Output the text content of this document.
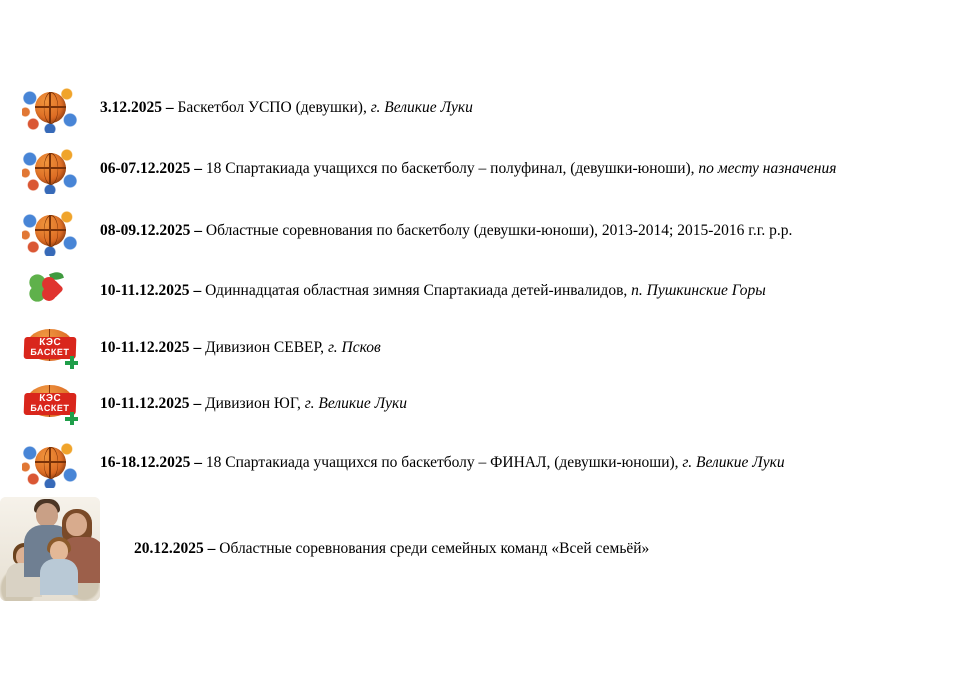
3.12.2025 – Баскетбол УСПО (девушки), г. Великие Луки
06-07.12.2025 – 18 Спартакиада учащихся по баскетболу – полуфинал, (девушки-юноши), по месту назначения
08-09.12.2025 – Областные соревнования по баскетболу (девушки-юноши), 2013-2014; 2015-2016 г.г. р.р.
10-11.12.2025 – Одиннадцатая областная зимняя Спартакиада детей-инвалидов, п. Пушкинские Горы
КЭС
БАСКЕТ	10-11.12.2025 – Дивизион СЕВЕР, г. Псков
КЭС
БАСКЕТ	10-11.12.2025 – Дивизион ЮГ, г. Великие Луки
16-18.12.2025 – 18 Спартакиада учащихся по баскетболу – ФИНАЛ, (девушки-юноши), г. Великие Луки
20.12.2025 – Областные соревнования среди семейных команд «Всей семьёй»
